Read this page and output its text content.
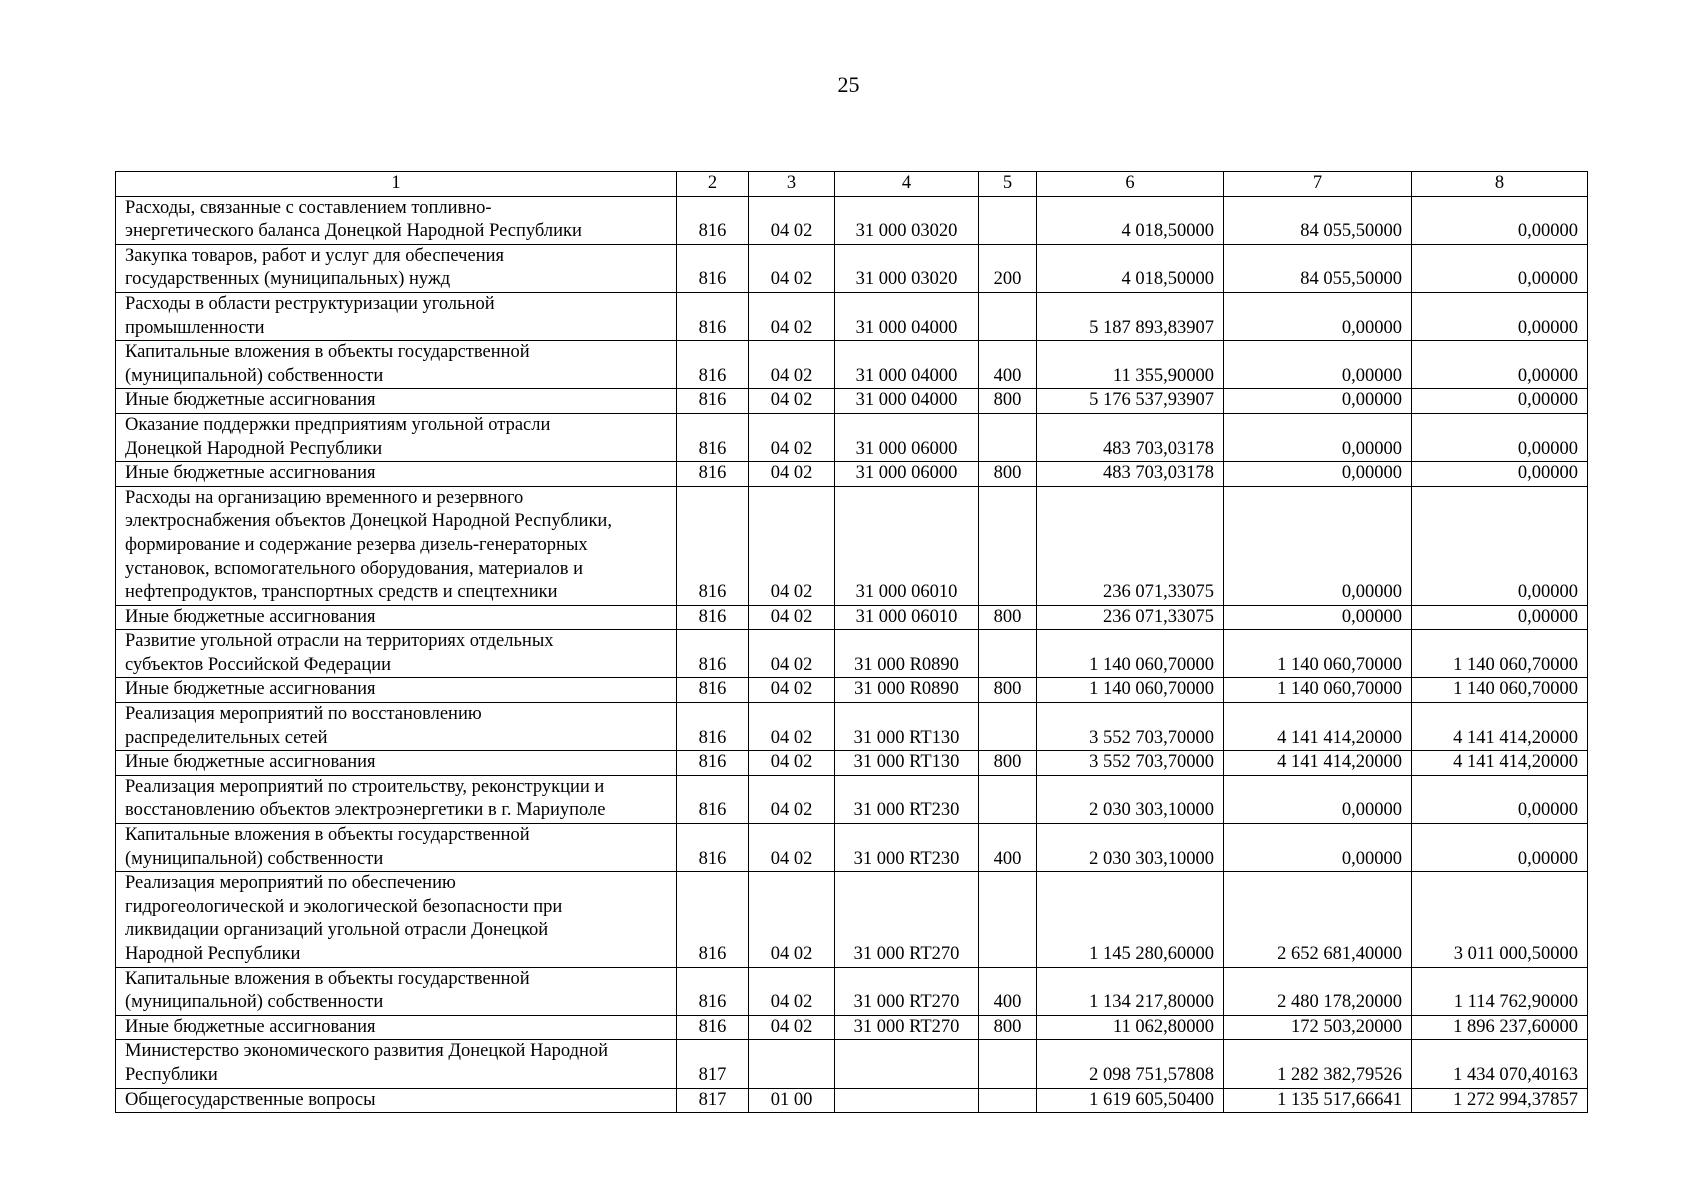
25
1	2	3	4	5	6	7	8
Расходы, связанные с составлением топливно-
энергетического баланса Донецкой Народной Республики	816	04 02	31 000 03020		4 018,50000	84 055,50000	0,00000
Закупка товаров, работ и услуг для обеспечения
государственных (муниципальных) нужд	816	04 02	31 000 03020	200	4 018,50000	84 055,50000	0,00000
Расходы в области реструктуризации угольной
промышленности	816	04 02	31 000 04000		5 187 893,83907	0,00000	0,00000
Капитальные вложения в объекты государственной
(муниципальной) собственности	816	04 02	31 000 04000	400	11 355,90000	0,00000	0,00000
Иные бюджетные ассигнования	816	04 02	31 000 04000	800	5 176 537,93907	0,00000	0,00000
Оказание поддержки предприятиям угольной отрасли
Донецкой Народной Республики	816	04 02	31 000 06000		483 703,03178	0,00000	0,00000
Иные бюджетные ассигнования	816	04 02	31 000 06000	800	483 703,03178	0,00000	0,00000
Расходы на организацию временного и резервного
электроснабжения объектов Донецкой Народной Республики,
формирование и содержание резерва дизель-генераторных
установок, вспомогательного оборудования, материалов и
нефтепродуктов, транспортных средств и спецтехники	816	04 02	31 000 06010		236 071,33075	0,00000	0,00000
Иные бюджетные ассигнования	816	04 02	31 000 06010	800	236 071,33075	0,00000	0,00000
Развитие угольной отрасли на территориях отдельных
субъектов Российской Федерации	816	04 02	31 000 R0890		1 140 060,70000	1 140 060,70000	1 140 060,70000
Иные бюджетные ассигнования	816	04 02	31 000 R0890	800	1 140 060,70000	1 140 060,70000	1 140 060,70000
Реализация мероприятий по восстановлению
распределительных сетей	816	04 02	31 000 RT130		3 552 703,70000	4 141 414,20000	4 141 414,20000
Иные бюджетные ассигнования	816	04 02	31 000 RT130	800	3 552 703,70000	4 141 414,20000	4 141 414,20000
Реализация мероприятий по строительству, реконструкции и
восстановлению объектов электроэнергетики в г. Мариуполе	816	04 02	31 000 RT230		2 030 303,10000	0,00000	0,00000
Капитальные вложения в объекты государственной
(муниципальной) собственности	816	04 02	31 000 RT230	400	2 030 303,10000	0,00000	0,00000
Реализация мероприятий по обеспечению
гидрогеологической и экологической безопасности при
ликвидации организаций угольной отрасли Донецкой
Народной Республики	816	04 02	31 000 RT270		1 145 280,60000	2 652 681,40000	3 011 000,50000
Капитальные вложения в объекты государственной
(муниципальной) собственности	816	04 02	31 000 RT270	400	1 134 217,80000	2 480 178,20000	1 114 762,90000
Иные бюджетные ассигнования	816	04 02	31 000 RT270	800	11 062,80000	172 503,20000	1 896 237,60000
Министерство экономического развития Донецкой Народной
Республики	817				2 098 751,57808	1 282 382,79526	1 434 070,40163
Общегосударственные вопросы	817	01 00			1 619 605,50400	1 135 517,66641	1 272 994,37857
